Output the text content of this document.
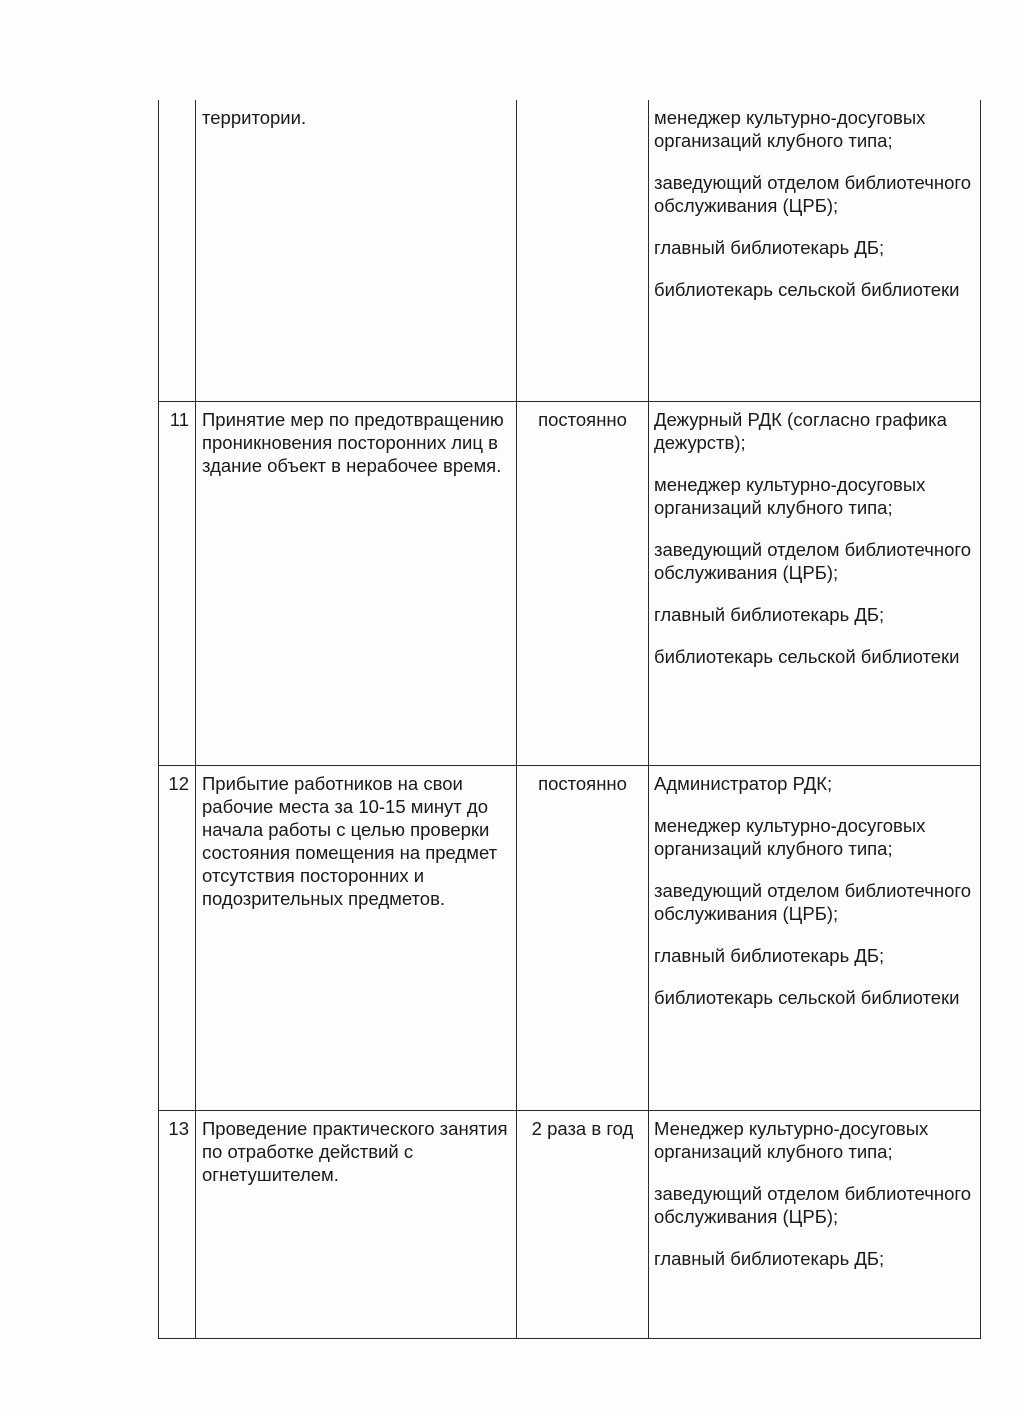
	территории.		менеджер культурно-досуговых организаций клубного типа;
заведующий отделом библиотечного обслуживания (ЦРБ);
главный библиотекарь ДБ;
библиотекарь сельской библиотеки

11	Принятие мер по предотвращению проникновения посторонних лиц в здание объект в нерабочее время.	постоянно	Дежурный РДК (согласно графика дежурств);
менеджер культурно-досуговых организаций клубного типа;
заведующий отделом библиотечного обслуживания (ЦРБ);
главный библиотекарь ДБ;
библиотекарь сельской библиотеки

12	Прибытие работников на свои рабочие места за 10-15 минут до начала работы с целью проверки состояния помещения на предмет отсутствия посторонних и подозрительных предметов.	постоянно	Администратор РДК;
менеджер культурно-досуговых организаций клубного типа;
заведующий отделом библиотечного обслуживания (ЦРБ);
главный библиотекарь ДБ;
библиотекарь сельской библиотеки

13	Проведение практического занятия по отработке действий с огнетушителем.	2 раза в год	Менеджер культурно-досуговых организаций клубного типа;
заведующий отделом библиотечного обслуживания (ЦРБ);
главный библиотекарь ДБ;
